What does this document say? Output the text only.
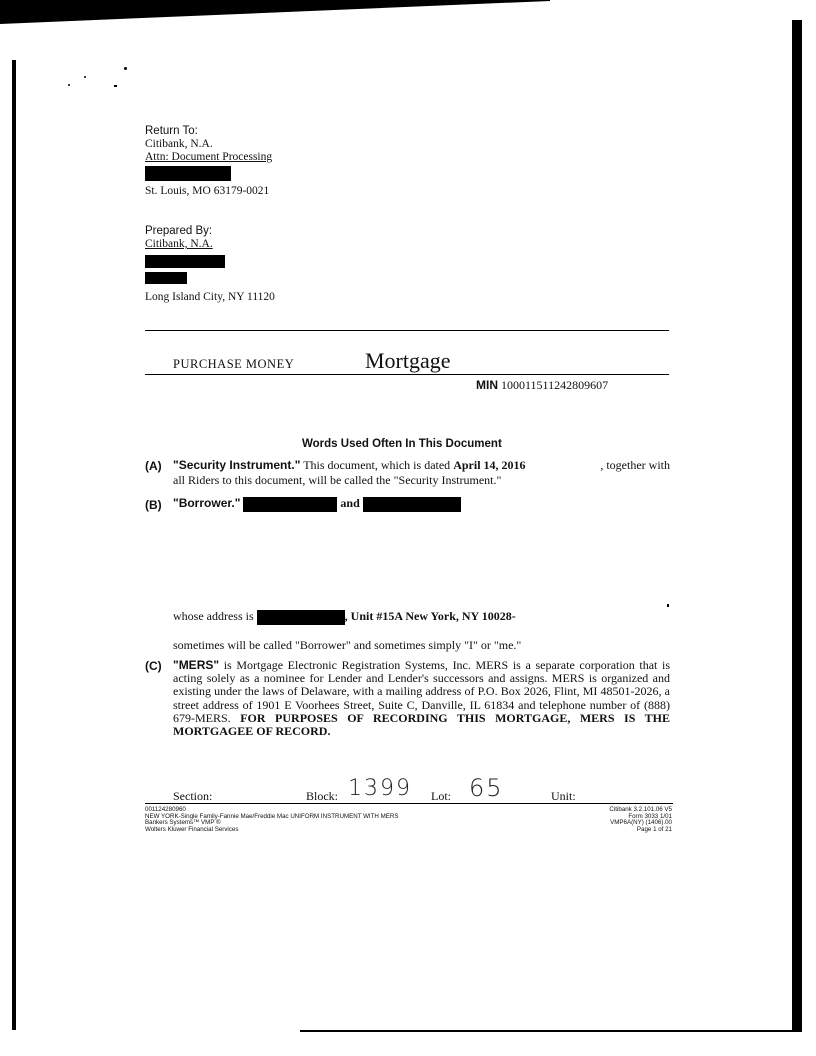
Return To:
Citibank, N.A.
Attn: Document Processing
St. Louis, MO 63179-0021
Prepared By:
Citibank, N.A.

Long Island City, NY 11120
PURCHASE MONEY	Mortgage
MIN 100011511242809607
Words Used Often In This Document
(A) "Security Instrument." This document, which is dated April 14, 2016	, together with
all Riders to this document, will be called the "Security Instrument."
(B) "Borrower."	and
whose address is	, Unit #15A New York, NY 10028-
sometimes will be called "Borrower" and sometimes simply "I" or "me."
(C) "MERS" is Mortgage Electronic Registration Systems, Inc. MERS is a separate corporation that is acting solely as a nominee for Lender and Lender's successors and assigns. MERS is organized and existing under the laws of Delaware, with a mailing address of P.O. Box 2026, Flint, MI 48501-2026, a street address of 1901 E Voorhees Street, Suite C, Danville, IL 61834 and telephone number of (888) 679-MERS. FOR PURPOSES OF RECORDING THIS MORTGAGE, MERS IS THE MORTGAGEE OF RECORD.
Section:	Block: 1399 Lot: 65	Unit:
001124280960
NEW YORK-Single Family-Fannie Mae/Freddie Mac UNIFORM INSTRUMENT WITH MERS
Bankers Systems™ VMP ®
Wolters Kluwer Financial Services
Citibank 3.2.101.06 V5
Form 3033 1/01
VMP6A(NY) (1406).00
Page 1 of 21
